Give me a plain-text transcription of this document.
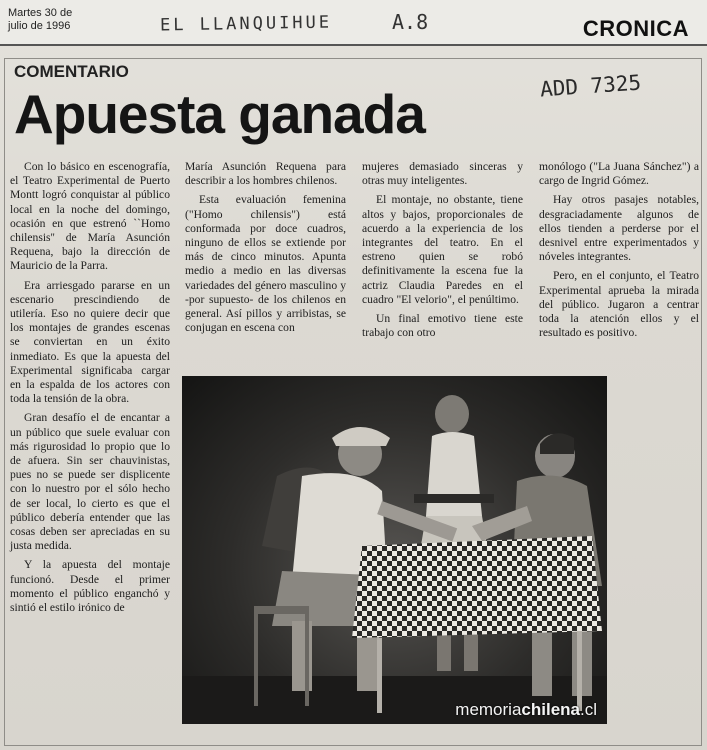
Martes 30 de
julio de 1996	EL LLANQUIHUE	A.8	CRONICA
COMENTARIO	ADD 7325
Apuesta ganada

Con lo básico en escenografía, el Teatro Experimental de Puerto Montt logró conquistar al público local en la noche del domingo, ocasión en que estrenó ``Homo chilensis'' de María Asunción Requena, bajo la dirección de Mauricio de la Parra.

Era arriesgado pararse en un escenario prescindiendo de utilería. Eso no quiere decir que los montajes de grandes escenas se conviertan en un éxito inmediato. Es que la apuesta del Experimental significaba cargar en la espalda de los actores con toda la tensión de la obra.

Gran desafío el de encantar a un público que suele evaluar con más rigurosidad lo propio que lo de afuera. Sin ser chauvinistas, pues no se puede ser displicente con lo nuestro por el sólo hecho de ser local, lo cierto es que el público debería entender que las cosas deben ser apreciadas en su justa medida.

Y la apuesta del montaje funcionó. Desde el primer momento el público enganchó y sintió el estilo irónico de

María Asunción Requena para describir a los hombres chilenos.

Esta evaluación femenina ("Homo chilensis") está conformada por doce cuadros, ninguno de ellos se extiende por más de cinco minutos. Apunta medio a medio en las diversas variedades del género masculino y -por supuesto- de los chilenos en general. Así pillos y arribistas, se conjugan en escena con

mujeres demasiado sinceras y otras muy inteligentes.

El montaje, no obstante, tiene altos y bajos, proporcionales de acuerdo a la experiencia de los integrantes del teatro. En el estreno quien se robó definitivamente la escena fue la actriz Claudia Paredes en el cuadro "El velorio", el penúltimo.

Un final emotivo tiene este trabajo con otro

monólogo ("La Juana Sánchez") a cargo de Ingrid Gómez.

Hay otros pasajes notables, desgraciadamente algunos de ellos tienden a perderse por el desnivel entre experimentados y nóveles integrantes.

Pero, en el conjunto, el Teatro Experimental aprueba la mirada del público. Jugaron a centrar toda la atención ellos y el resultado es positivo.

memoriachilena.cl
